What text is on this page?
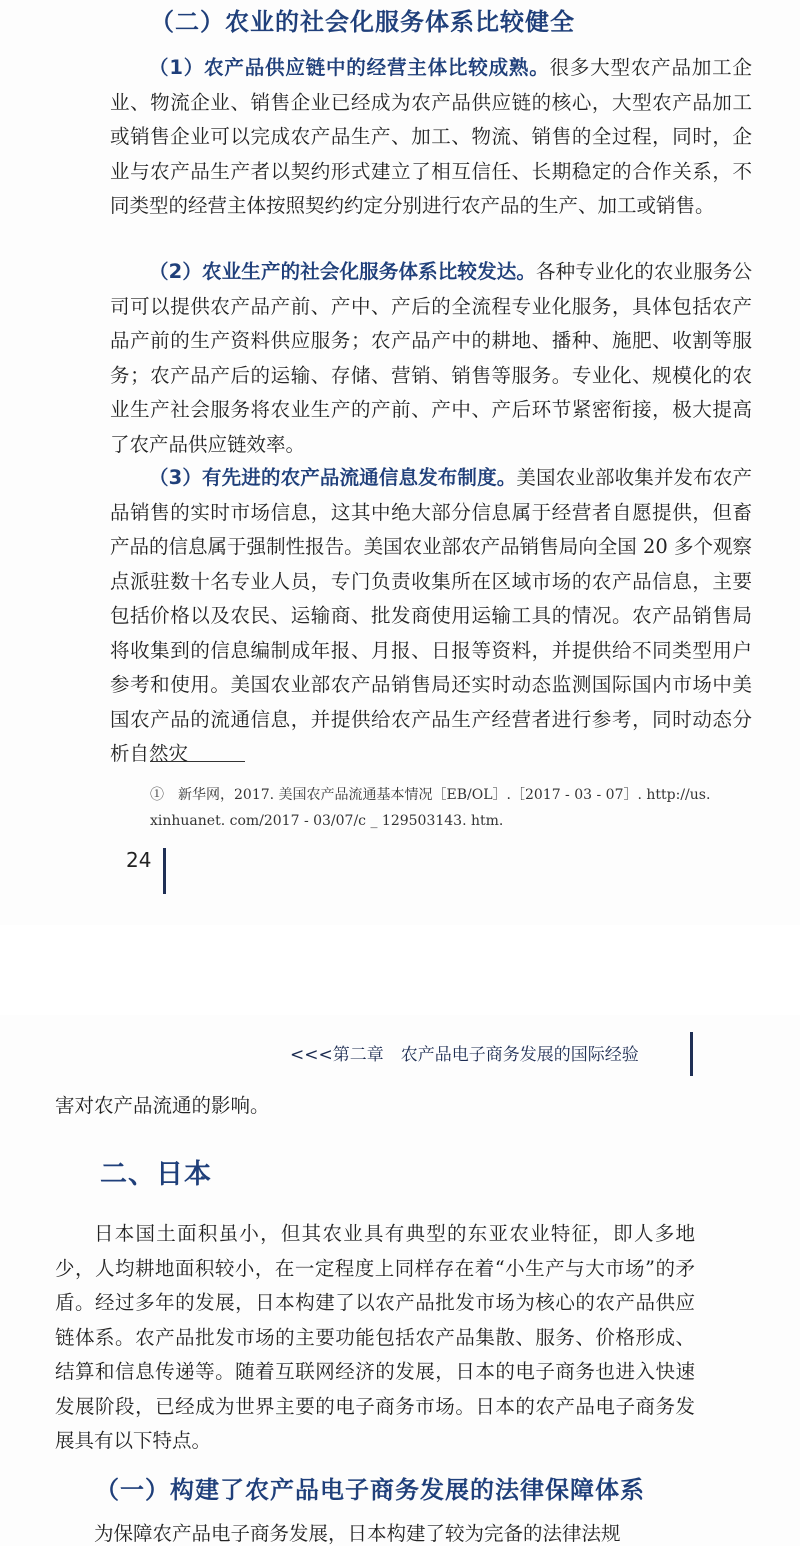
（二）农业的社会化服务体系比较健全

（1）农产品供应链中的经营主体比较成熟。很多大型农产品加工企业、物流企业、销售企业已经成为农产品供应链的核心，大型农产品加工或销售企业可以完成农产品生产、加工、物流、销售的全过程，同时，企业与农产品生产者以契约形式建立了相互信任、长期稳定的合作关系，不同类型的经营主体按照契约约定分别进行农产品的生产、加工或销售。

（2）农业生产的社会化服务体系比较发达。各种专业化的农业服务公司可以提供农产品产前、产中、产后的全流程专业化服务，具体包括农产品产前的生产资料供应服务；农产品产中的耕地、播种、施肥、收割等服务；农产品产后的运输、存储、营销、销售等服务。专业化、规模化的农业生产社会服务将农业生产的产前、产中、产后环节紧密衔接，极大提高了农产品供应链效率。

（3）有先进的农产品流通信息发布制度。美国农业部收集并发布农产品销售的实时市场信息，这其中绝大部分信息属于经营者自愿提供，但畜产品的信息属于强制性报告。美国农业部农产品销售局向全国 20 多个观察点派驻数十名专业人员，专门负责收集所在区域市场的农产品信息，主要包括价格以及农民、运输商、批发商使用运输工具的情况。农产品销售局将收集到的信息编制成年报、月报、日报等资料，并提供给不同类型用户参考和使用。美国农业部农产品销售局还实时动态监测国际国内市场中美国农产品的流通信息，并提供给农产品生产经营者进行参考，同时动态分析自然灾

①　新华网，2017. 美国农产品流通基本情况［EB/OL］.［2017 - 03 - 07］. http://us. xinhuanet. com/2017 - 03/07/c _ 129503143. htm.

24

<<<第二章　农产品电子商务发展的国际经验

害对农产品流通的影响。

二、日本

日本国土面积虽小，但其农业具有典型的东亚农业特征，即人多地少，人均耕地面积较小，在一定程度上同样存在着“小生产与大市场”的矛盾。经过多年的发展，日本构建了以农产品批发市场为核心的农产品供应链体系。农产品批发市场的主要功能包括农产品集散、服务、价格形成、结算和信息传递等。随着互联网经济的发展，日本的电子商务也进入快速发展阶段，已经成为世界主要的电子商务市场。日本的农产品电子商务发展具有以下特点。

（一）构建了农产品电子商务发展的法律保障体系

为保障农产品电子商务发展，日本构建了较为完备的法律法规
